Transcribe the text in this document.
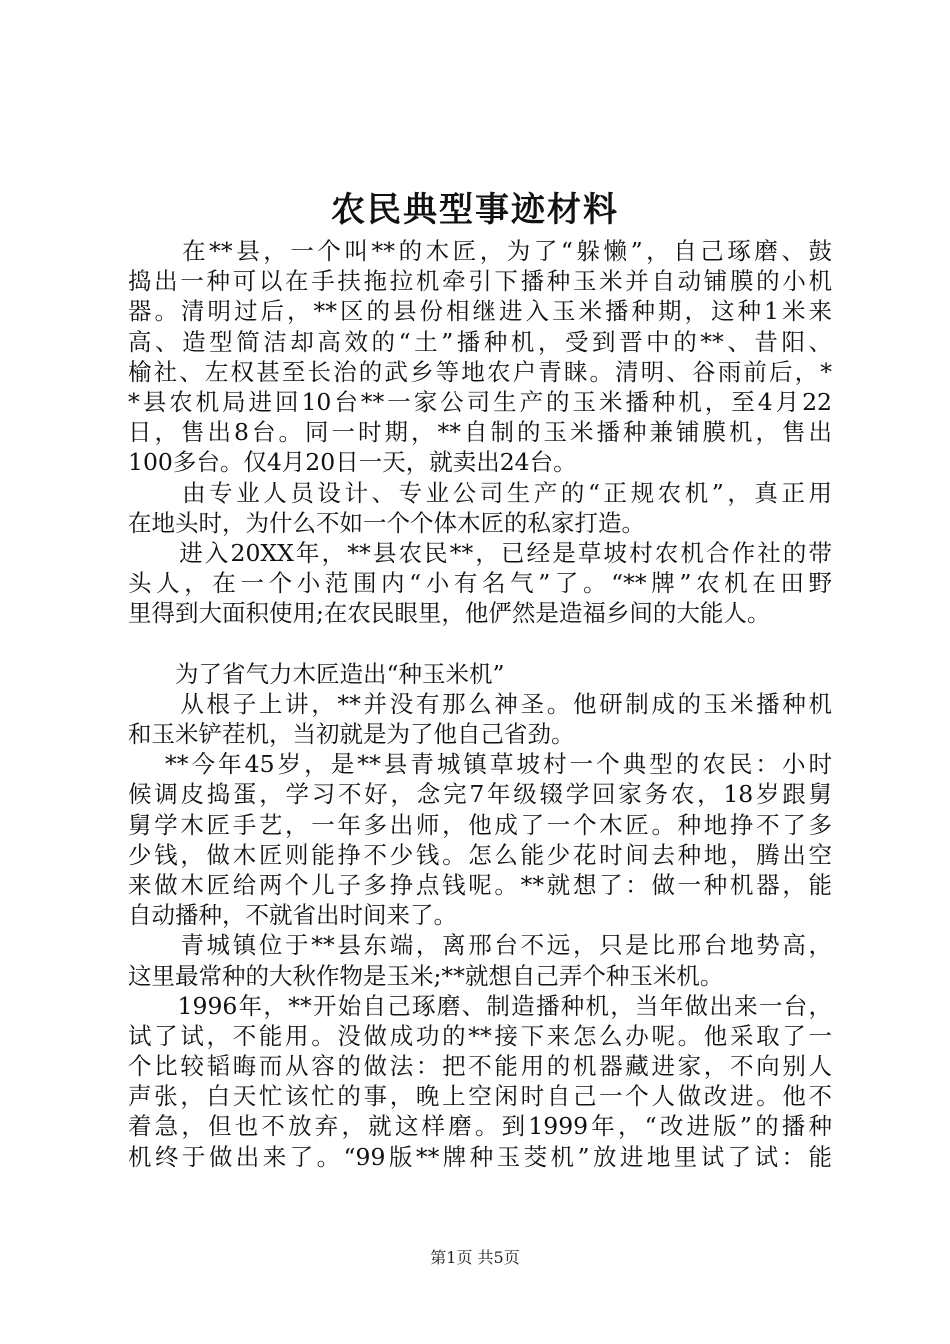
农民典型事迹材料
　　在**县，一个叫**的木匠，为了“躲懒”，自己琢磨、鼓
捣出一种可以在手扶拖拉机牵引下播种玉米并自动铺膜的小机
器。清明过后，**区的县份相继进入玉米播种期，这种1米来
高、造型简洁却高效的“土”播种机，受到晋中的**、昔阳、
榆社、左权甚至长治的武乡等地农户青睐。清明、谷雨前后，*
*县农机局进回10台**一家公司生产的玉米播种机，至4月22
日，售出8台。同一时期，**自制的玉米播种兼铺膜机，售出
100多台。仅4月20日一天，就卖出24台。
　　由专业人员设计、专业公司生产的“正规农机”，真正用
在地头时，为什么不如一个个体木匠的私家打造。
　　进入20XX年，**县农民**，已经是草坡村农机合作社的带
头人，在一个小范围内“小有名气”了。“**牌”农机在田野
里得到大面积使用;在农民眼里，他俨然是造福乡间的大能人。
　　为了省气力木匠造出“种玉米机”
　　从根子上讲，**并没有那么神圣。他研制成的玉米播种机
和玉米铲茬机，当初就是为了他自己省劲。
　 **今年45岁，是**县青城镇草坡村一个典型的农民：小时
候调皮捣蛋，学习不好，念完7年级辍学回家务农，18岁跟舅
舅学木匠手艺，一年多出师，他成了一个木匠。种地挣不了多
少钱，做木匠则能挣不少钱。怎么能少花时间去种地，腾出空
来做木匠给两个儿子多挣点钱呢。**就想了：做一种机器，能
自动播种，不就省出时间来了。
　　青城镇位于**县东端，离邢台不远，只是比邢台地势高，
这里最常种的大秋作物是玉米;**就想自己弄个种玉米机。
　　1996年，**开始自己琢磨、制造播种机，当年做出来一台，
试了试，不能用。没做成功的**接下来怎么办呢。他采取了一
个比较韬晦而从容的做法：把不能用的机器藏进家，不向别人
声张，白天忙该忙的事，晚上空闲时自己一个人做改进。他不
着急，但也不放弃，就这样磨。到1999年，“改进版”的播种
机终于做出来了。“99版**牌种玉茭机”放进地里试了试：能
第1页 共5页
